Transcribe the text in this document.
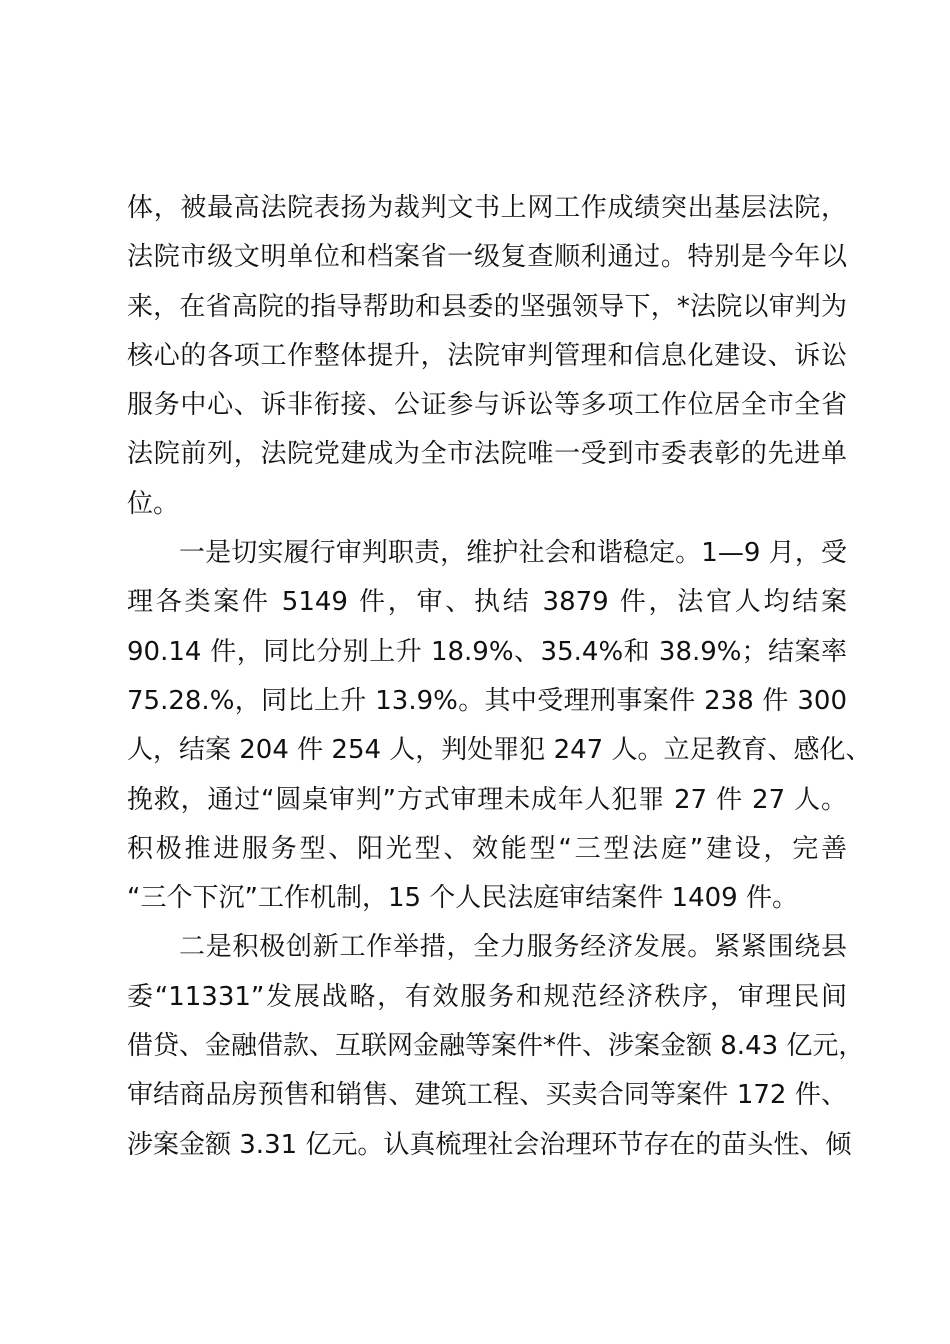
体，被最高法院表扬为裁判文书上网工作成绩突出基层法院，
法院市级文明单位和档案省一级复查顺利通过。特别是今年以
来，在省高院的指导帮助和县委的坚强领导下，*法院以审判为
核心的各项工作整体提升，法院审判管理和信息化建设、诉讼
服务中心、诉非衔接、公证参与诉讼等多项工作位居全市全省
法院前列，法院党建成为全市法院唯一受到市委表彰的先进单
位。
一是切实履行审判职责，维护社会和谐稳定。1—9 月，受
理各类案件 5149 件，审、执结 3879 件，法官人均结案
90.14 件，同比分别上升 18.9%、35.4%和 38.9%；结案率
75.28.%，同比上升 13.9%。其中受理刑事案件 238 件 300
人，结案 204 件 254 人，判处罪犯 247 人。立足教育、感化、
挽救，通过“圆桌审判”方式审理未成年人犯罪 27 件 27 人。
积极推进服务型、阳光型、效能型“三型法庭”建设，完善
“三个下沉”工作机制，15 个人民法庭审结案件 1409 件。
二是积极创新工作举措，全力服务经济发展。紧紧围绕县
委“11331”发展战略，有效服务和规范经济秩序，审理民间
借贷、金融借款、互联网金融等案件*件、涉案金额 8.43 亿元，
审结商品房预售和销售、建筑工程、买卖合同等案件 172 件、
涉案金额 3.31 亿元。认真梳理社会治理环节存在的苗头性、倾
